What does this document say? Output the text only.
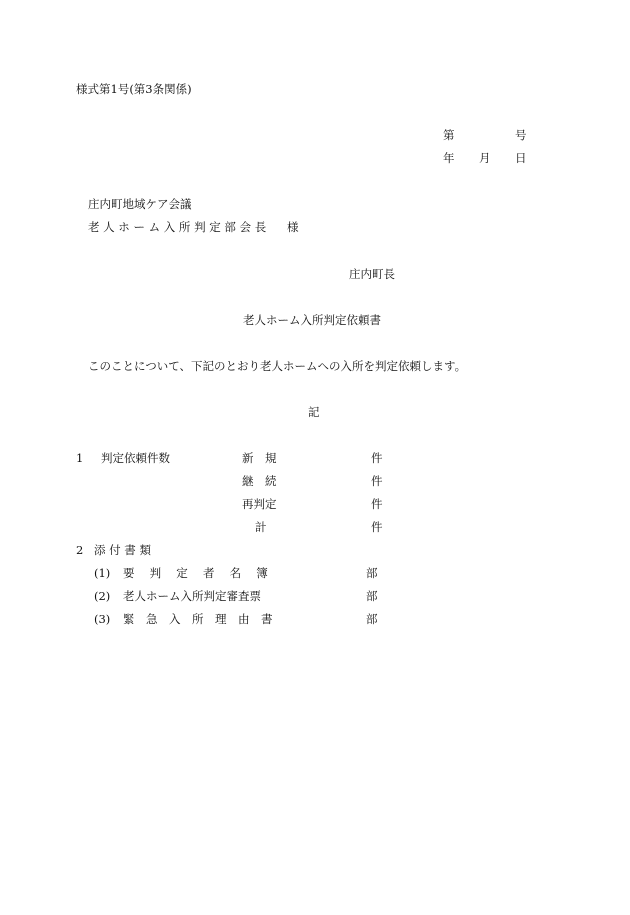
様式第1号(第3条関係)
第	号
年 月 日
庄内町地域ケア会議
老 人 ホ ー ム 入 所 判 定 部 会 長 様
庄内町長
老人ホーム入所判定依頼書
このことについて、下記のとおり老人ホームへの入所を判定依頼します。
記
1 判定依頼件数	新　規	件
継　続	件
再判定	件
計	件
2 添 付 書 類
(1) 要　 判　 定　 者　 名　 簿	部
(2) 老人ホーム入所判定審査票	部
(3) 緊　急　入　所　理　由　書	部
